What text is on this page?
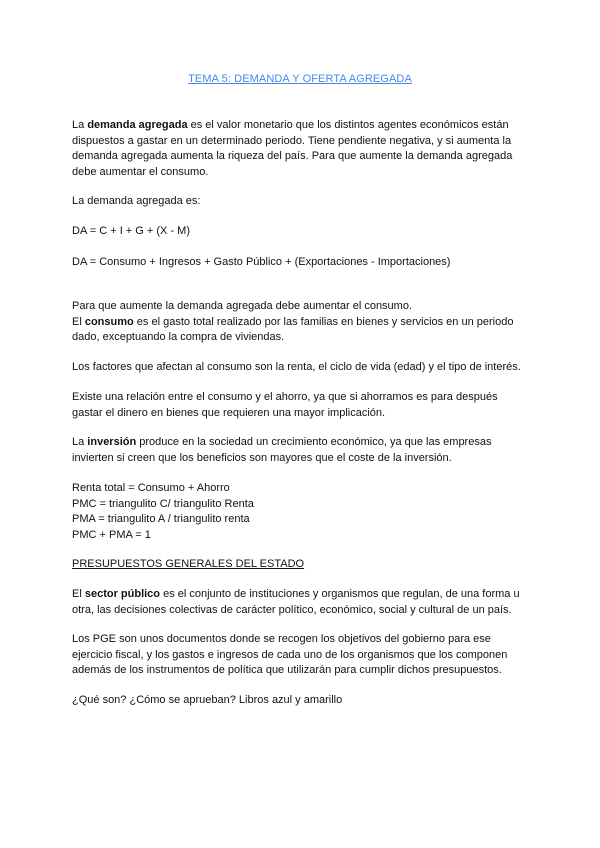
TEMA 5: DEMANDA Y OFERTA AGREGADA
La demanda agregada es el valor monetario que los distintos agentes económicos están
dispuestos a gastar en un determinado periodo. Tiene pendiente negativa, y si aumenta la
demanda agregada aumenta la riqueza del país. Para que aumente la demanda agregada
debe aumentar el consumo.
La demanda agregada es:
DA = C + I + G + (X - M)
DA = Consumo + Ingresos + Gasto Público + (Exportaciones - Importaciones)
Para que aumente la demanda agregada debe aumentar el consumo.
El consumo es el gasto total realizado por las familias en bienes y servicios en un periodo
dado, exceptuando la compra de viviendas.
Los factores que afectan al consumo son la renta, el ciclo de vida (edad) y el tipo de interés.
Existe una relación entre el consumo y el ahorro, ya que si ahorramos es para después
gastar el dinero en bienes que requieren una mayor implicación.
La inversión produce en la sociedad un crecimiento económico, ya que las empresas
invierten si creen que los beneficios son mayores que el coste de la inversión.
Renta total = Consumo + Ahorro
PMC = triangulito C/ triangulito Renta
PMA = triangulito A / triangulito renta
PMC + PMA = 1
PRESUPUESTOS GENERALES DEL ESTADO
El sector público es el conjunto de instituciones y organismos que regulan, de una forma u
otra, las decisiones colectivas de carácter político, económico, social y cultural de un país.
Los PGE son unos documentos donde se recogen los objetivos del gobierno para ese
ejercicio fiscal, y los gastos e ingresos de cada uno de los organismos que los componen
además de los instrumentos de política que utilizarán para cumplir dichos presupuestos.
¿Qué son? ¿Cómo se aprueban? Libros azul y amarillo
